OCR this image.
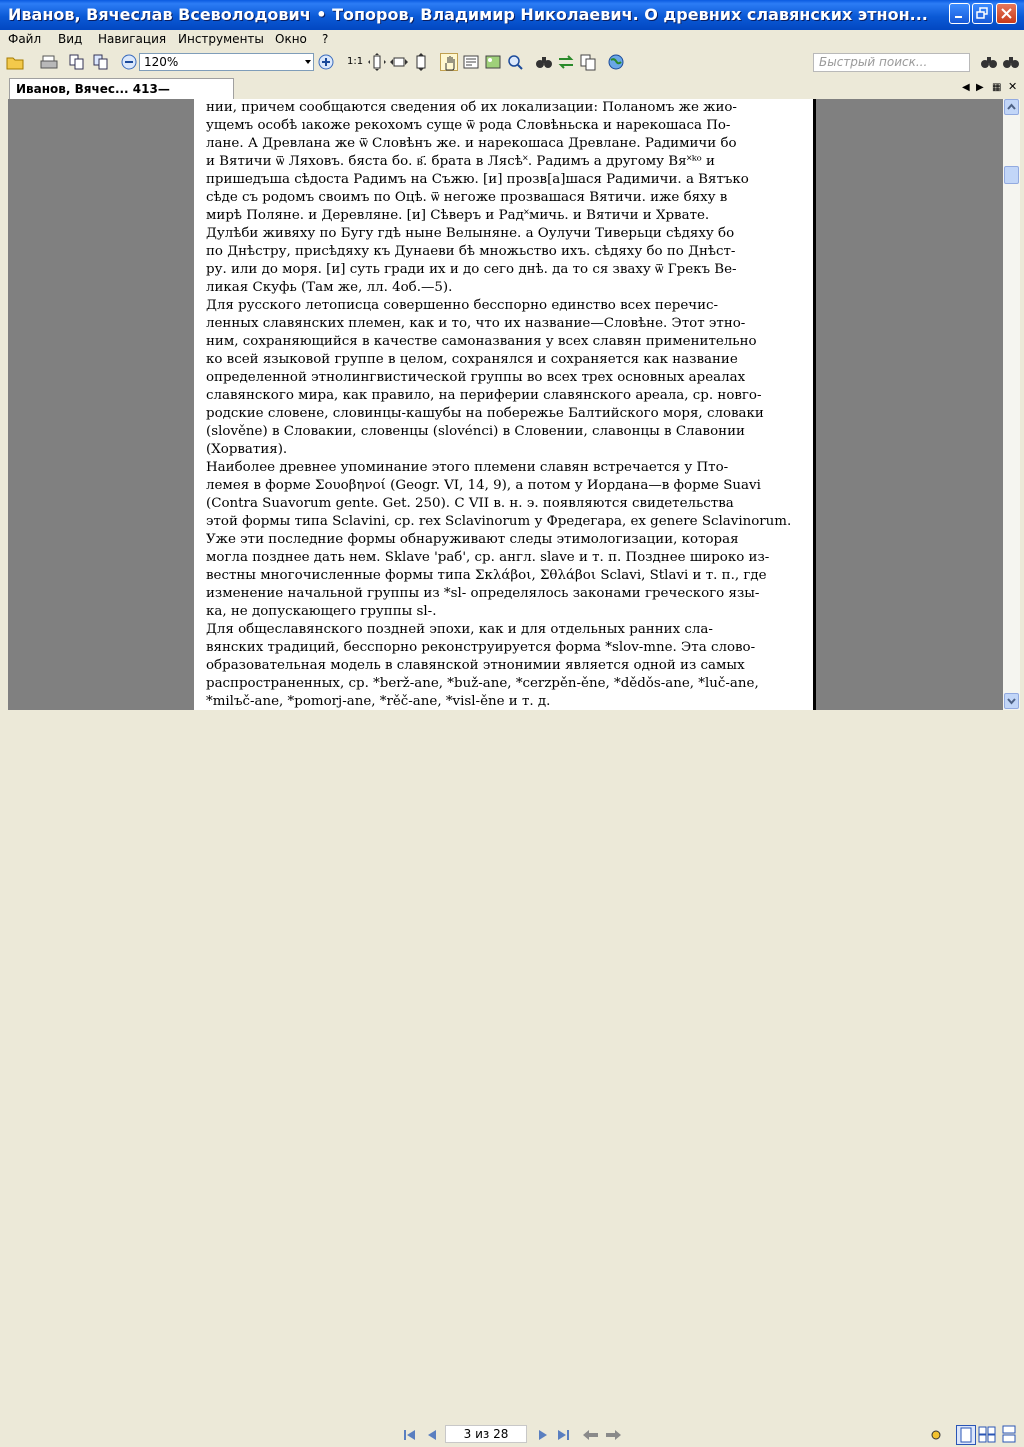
Иванов, Вячеслав Всеволодович • Топоров, Владимир Николаевич. О древних славянских этнон...
Файл Вид Навигация Инструменты Окно ?
1:1
120%	Быстрый поиск...
Иванов, Вячес... 413—	◀ ▶ ▦ ✕
нии, причем сообщаются сведения об их локализации: Поланомъ же жио-
ущемъ особѣ ıакоже рекохомъ суще ѿ рода Словѣньска и нарекошаса По-
лане. А Древлана же ѿ Словѣнъ же. и нарекошаса Древлане. Радимичи бо
и Вятичи ѿ Ляховъ. бяста бо. в҃. брата в Лясѣ˟. Радимъ а другому Вя˟ᵏᵒ и
пришедъша сѣдоста Радимъ на Съжю. [и] прозв[а]шася Радимичи. а Вятъко
сѣде съ родомъ своимъ по Оцѣ. ѿ негоже прозвашася Вятичи. иже бяху в
мирѣ Поляне. и Деревляне. [и] Сѣверъ и Рад˟мичь. и Вятичи и Хрвате.
Дулѣби живяху по Бугу гдѣ ныне Велыняне. а Оулучи Тиверьци сѣдяху бо
по Днѣстру, присѣдяху къ Дунаеви бѣ множьство ихъ. сѣдяху бо по Днѣст-
ру. или до моря. [и] суть гради их и до сего днѣ. да то ся зваху ѿ Грекъ Ве-
ликая Скуфь (Там же, лл. 4об.—5).
Для русского летописца совершенно бесспорно единство всех перечис-
ленных славянских племен, как и то, что их название—Словѣне. Этот этно-
ним, сохраняющийся в качестве самоназвания у всех славян применительно
ко всей языковой группе в целом, сохранялся и сохраняется как название
определенной этнолингвистической группы во всех трех основных ареалах
славянского мира, как правило, на периферии славянского ареала, ср. новго-
родские словене, словинцы-кашубы на побережье Балтийского моря, словаки
(slověne) в Словакии, словенцы (slovénci) в Словении, славонцы в Славонии
(Хорватия).
Наиболее древнее упоминание этого племени славян встречается у Пто-
лемея в форме Σουοβηνοί (Geogr. VI, 14, 9), а потом у Иордана—в форме Suavi
(Contra Suavorum gente. Get. 250). С VII в. н. э. появляются свидетельства
этой формы типа Sclavini, ср. rex Sclavinorum у Фредегара, ex genere Sclavinorum.
Уже эти последние формы обнаруживают следы этимологизации, которая
могла позднее дать нем. Sklave 'раб', ср. англ. slave и т. п. Позднее широко из-
вестны многочисленные формы типа Σκλάβοι, Σθλάβοι Sclavi, Stlavi и т. п., где
изменение начальной группы из *sl- определялось законами греческого язы-
ка, не допускающего группы sl-.
Для общеславянского поздней эпохи, как и для отдельных ранних сла-
вянских традиций, бесспорно реконструируется форма *slov-mne. Эта слово-
образовательная модель в славянской этнонимии является одной из самых
распространенных, ср. *berž-ane, *buž-ane, *cerzpěn-ěne, *dědǒs-ane, *luč-ane,
*milъč-ane, *pomorj-ane, *rěč-ane, *visl-ěne и т. д.
3 из 28
